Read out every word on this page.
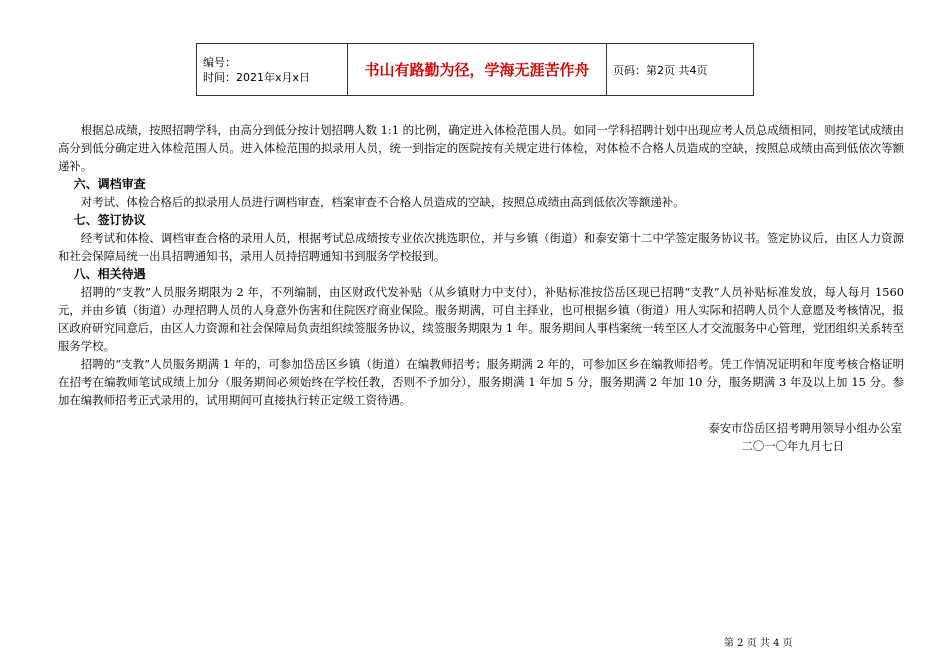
编号：
时间：2021年x月x日	书山有路勤为径，学海无涯苦作舟	页码：第2页 共4页

根据总成绩，按照招聘学科，由高分到低分按计划招聘人数 1:1 的比例，确定进入体检范围人员。如同一学科招聘计划中出现应考人员总成绩相同，则按笔试成绩由高分到低分确定进入体检范围人员。进入体检范围的拟录用人员，统一到指定的医院按有关规定进行体检，对体检不合格人员造成的空缺，按照总成绩由高到低依次等额递补。

六、调档审查

对考试、体检合格后的拟录用人员进行调档审查，档案审查不合格人员造成的空缺，按照总成绩由高到低依次等额递补。

七、签订协议

经考试和体检、调档审查合格的录用人员，根据考试总成绩按专业依次挑选职位，并与乡镇（街道）和泰安第十二中学签定服务协议书。签定协议后，由区人力资源和社会保障局统一出具招聘通知书，录用人员持招聘通知书到服务学校报到。

八、相关待遇

招聘的“支教”人员服务期限为 2 年，不列编制，由区财政代发补贴（从乡镇财力中支付），补贴标准按岱岳区现已招聘“支教”人员补贴标准发放，每人每月 1560 元，并由乡镇（街道）办理招聘人员的人身意外伤害和住院医疗商业保险。服务期满，可自主择业，也可根据乡镇（街道）用人实际和招聘人员个人意愿及考核情况，报区政府研究同意后，由区人力资源和社会保障局负责组织续签服务协议，续签服务期限为 1 年。服务期间人事档案统一转至区人才交流服务中心管理，党团组织关系转至服务学校。

招聘的“支教”人员服务期满 1 年的，可参加岱岳区乡镇（街道）在编教师招考；服务期满 2 年的，可参加区乡在编教师招考。凭工作情况证明和年度考核合格证明在招考在编教师笔试成绩上加分（服务期间必须始终在学校任教，否则不予加分），服务期满 1 年加 5 分，服务期满 2 年加 10 分，服务期满 3 年及以上加 15 分。参加在编教师招考正式录用的，试用期间可直接执行转正定级工资待遇。

泰安市岱岳区招考聘用领导小组办公室
二〇一〇年九月七日
第 2 页 共 4 页
